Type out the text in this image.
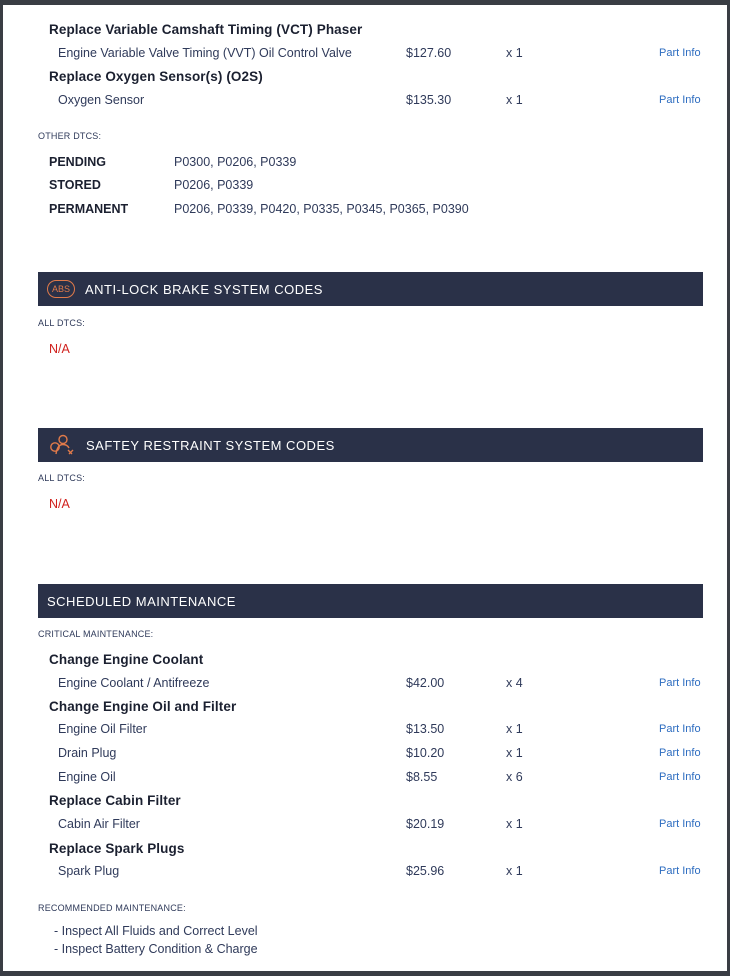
Replace Variable Camshaft Timing (VCT) Phaser
Engine Variable Valve Timing (VVT) Oil Control Valve	$127.60	x 1	Part Info
Replace Oxygen Sensor(s) (O2S)
Oxygen Sensor	$135.30	x 1	Part Info
OTHER DTCS:
PENDING	P0300, P0206, P0339
STORED	P0206, P0339
PERMANENT	P0206, P0339, P0420, P0335, P0345, P0365, P0390
ABS	ANTI-LOCK BRAKE SYSTEM CODES
ALL DTCS:
N/A
SAFTEY RESTRAINT SYSTEM CODES
ALL DTCS:
N/A
SCHEDULED MAINTENANCE
CRITICAL MAINTENANCE:
Change Engine Coolant
Engine Coolant / Antifreeze	$42.00	x 4	Part Info
Change Engine Oil and Filter
Engine Oil Filter	$13.50	x 1	Part Info
Drain Plug	$10.20	x 1	Part Info
Engine Oil	$8.55	x 6	Part Info
Replace Cabin Filter
Cabin Air Filter	$20.19	x 1	Part Info
Replace Spark Plugs
Spark Plug	$25.96	x 1	Part Info
RECOMMENDED MAINTENANCE:
- Inspect All Fluids and Correct Level
- Inspect Battery Condition & Charge
